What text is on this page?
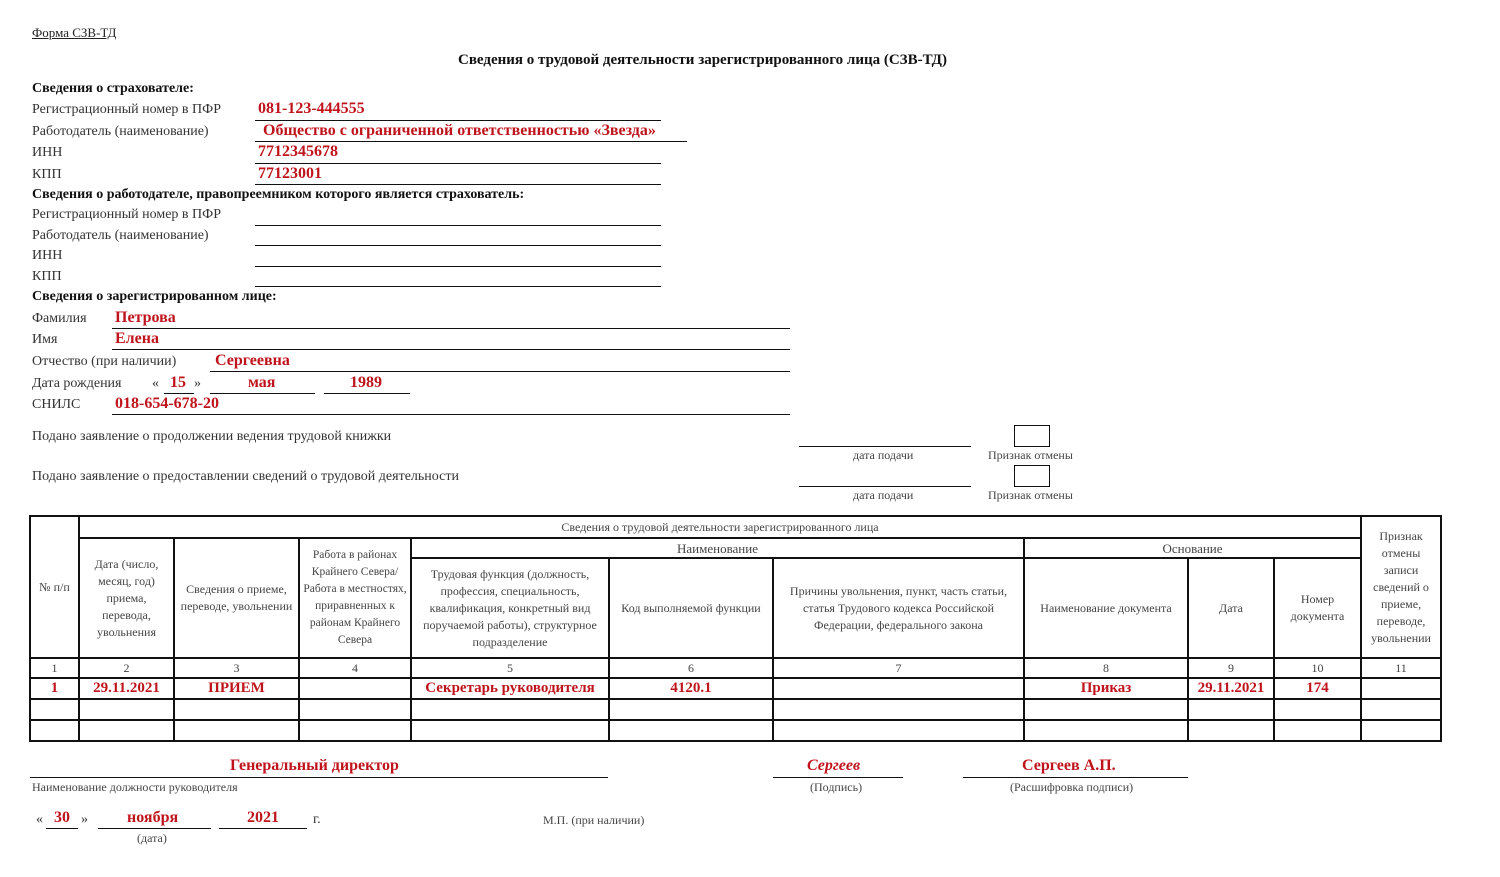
Форма СЗВ-ТД
Сведения о трудовой деятельности зарегистрированного лица (СЗВ-ТД)
Сведения о страхователе:
Регистрационный номер в ПФР 081-123-444555
Работодатель (наименование)	Общество с ограниченной ответственностью «Звезда»
ИНН	7712345678
КПП	77123001
Сведения о работодателе, правопреемником которого является страхователь:
Регистрационный номер в ПФР
Работодатель (наименование)
ИНН
КПП
Сведения о зарегистрированном лице:
Фамилия Петрова
Имя	Елена
Отчество (при наличии) Сергеевна
Дата рождения « 15 »	мая	1989
СНИЛС 018-654-678-20
Подано заявление о продолжении ведения трудовой книжки
дата подачи	Признак отмены
Подано заявление о предоставлении сведений о трудовой деятельности
дата подачи	Признак отмены
№ п/п	Сведения о трудовой деятельности зарегистрированного лица									Признак отмены записи сведений о приеме, переводе, увольнении
	Дата (число, месяц, год) приема, перевода, увольнения	Сведения о приеме, переводе, увольнении	Работа в районах Крайнего Севера/Работа в местностях, приравненных к районам Крайнего Севера	Наименование			Основание			
				Трудовая функция (должность, профессия, специальность, квалификация, конкретный вид поручаемой работы), структурное подразделение	Код выполняемой функции	Причины увольнения, пункт, часть статьи, статья Трудового кодекса Российской Федерации, федерального закона	Наименование документа	Дата	Номер документа	
1	2	3	4	5	6	7	8	9	10	11
1	29.11.2021	ПРИЕМ		Секретарь руководителя	4120.1		Приказ	29.11.2021	174	

Генеральный директор
Наименование должности руководителя
Сергеев
(Подпись)
Сергеев А.П.
(Расшифровка подписи)
« 30 » ноября	2021 г.
(дата)
М.П. (при наличии)
